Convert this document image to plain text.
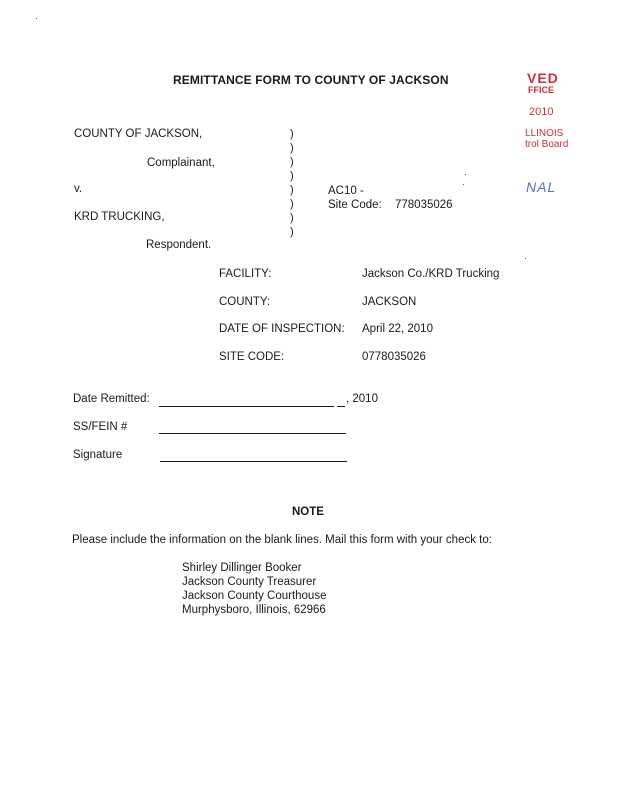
REMITTANCE FORM TO COUNTY OF JACKSON	VED
FFICE
2010
LLINOIS
trol Board
NAL
COUNTY OF JACKSON,
Complainant,
v.
KRD TRUCKING,
Respondent.
)
)
)
)
)
)
)
)
AC10 -
Site Code: 778035026
FACILITY:	Jackson Co./KRD Trucking
COUNTY:	JACKSON
DATE OF INSPECTION: April 22, 2010
SITE CODE:	0778035026
Date Remitted:	, 2010
SS/FEIN #
Signature
NOTE
Please include the information on the blank lines. Mail this form with your check to:
Shirley Dillinger Booker
Jackson County Treasurer
Jackson County Courthouse
Murphysboro, Illinois, 62966
